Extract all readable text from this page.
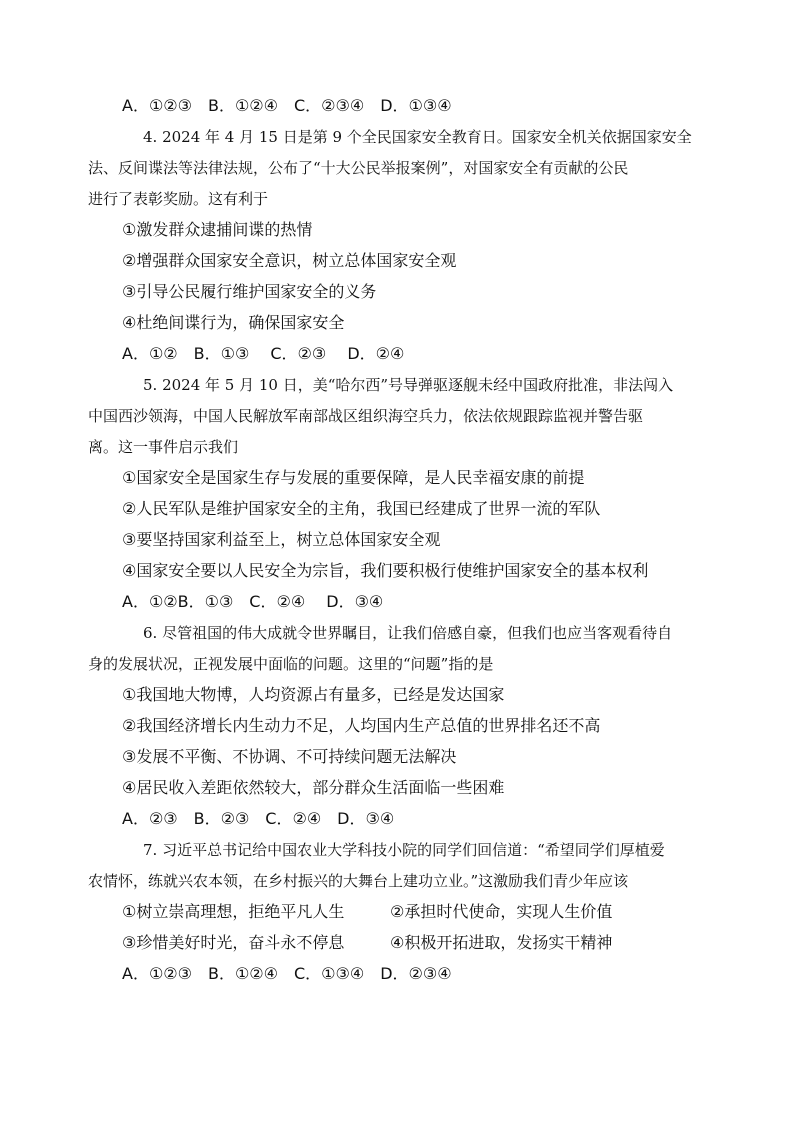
A．①②③　B．①②④　C．②③④　D．①③④
4. 2024 年 4 月 15 日是第 9 个全民国家安全教育日。国家安全机关依据国家安全
法、反间谍法等法律法规，公布了“十大公民举报案例”，对国家安全有贡献的公民
进行了表彰奖励。这有利于
①激发群众逮捕间谍的热情
②增强群众国家安全意识，树立总体国家安全观
③引导公民履行维护国家安全的义务
④杜绝间谍行为，确保国家安全
A．①②　B．①③　 C．②③　 D．②④
5. 2024 年 5 月 10 日，美“哈尔西”号导弹驱逐舰未经中国政府批准，非法闯入
中国西沙领海，中国人民解放军南部战区组织海空兵力，依法依规跟踪监视并警告驱
离。这一事件启示我们
①国家安全是国家生存与发展的重要保障，是人民幸福安康的前提
②人民军队是维护国家安全的主角，我国已经建成了世界一流的军队
③要坚持国家利益至上，树立总体国家安全观
④国家安全要以人民安全为宗旨，我们要积极行使维护国家安全的基本权利
A．①②B．①③　C．②④　 D．③④
6. 尽管祖国的伟大成就令世界瞩目，让我们倍感自豪，但我们也应当客观看待自
身的发展状况，正视发展中面临的问题。这里的“问题”指的是
①我国地大物博，人均资源占有量多，已经是发达国家
②我国经济增长内生动力不足，人均国内生产总值的世界排名还不高
③发展不平衡、不协调、不可持续问题无法解决
④居民收入差距依然较大，部分群众生活面临一些困难
A．②③　B．②③　C．②④　D．③④
7. 习近平总书记给中国农业大学科技小院的同学们回信道：“希望同学们厚植爱
农情怀，练就兴农本领，在乡村振兴的大舞台上建功立业。”这激励我们青少年应该
①树立崇高理想，拒绝平凡人生	②承担时代使命，实现人生价值
③珍惜美好时光，奋斗永不停息	④积极开拓进取，发扬实干精神
A．①②③　B．①②④　C．①③④　D．②③④
